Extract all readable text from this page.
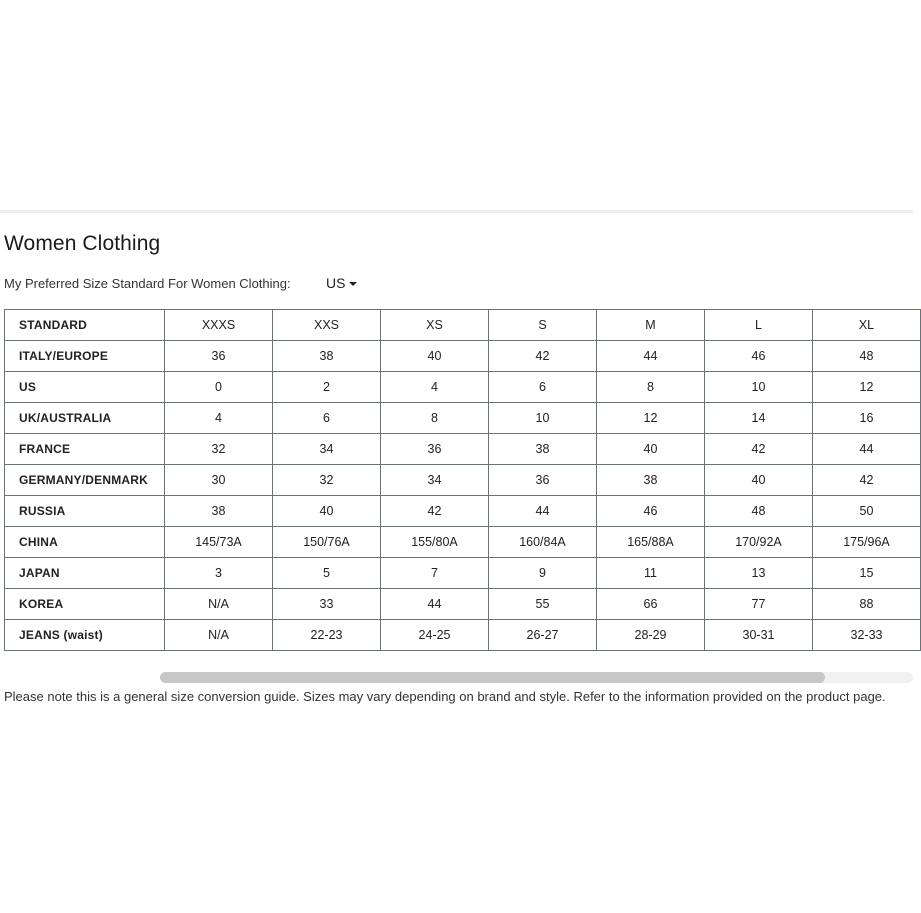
Women Clothing
My Preferred Size Standard For Women Clothing:	US
STANDARD	XXXS	XXS	XS	S	M	L	XL
ITALY/EUROPE	36	38	40	42	44	46	48
US	0	2	4	6	8	10	12
UK/AUSTRALIA	4	6	8	10	12	14	16
FRANCE	32	34	36	38	40	42	44
GERMANY/DENMARK	30	32	34	36	38	40	42
RUSSIA	38	40	42	44	46	48	50
CHINA	145/73A	150/76A	155/80A	160/84A	165/88A	170/92A	175/96A
JAPAN	3	5	7	9	11	13	15
KOREA	N/A	33	44	55	66	77	88
JEANS (waist)	N/A	22-23	24-25	26-27	28-29	30-31	32-33
Please note this is a general size conversion guide. Sizes may vary depending on brand and style. Refer to the information provided on the product page.
